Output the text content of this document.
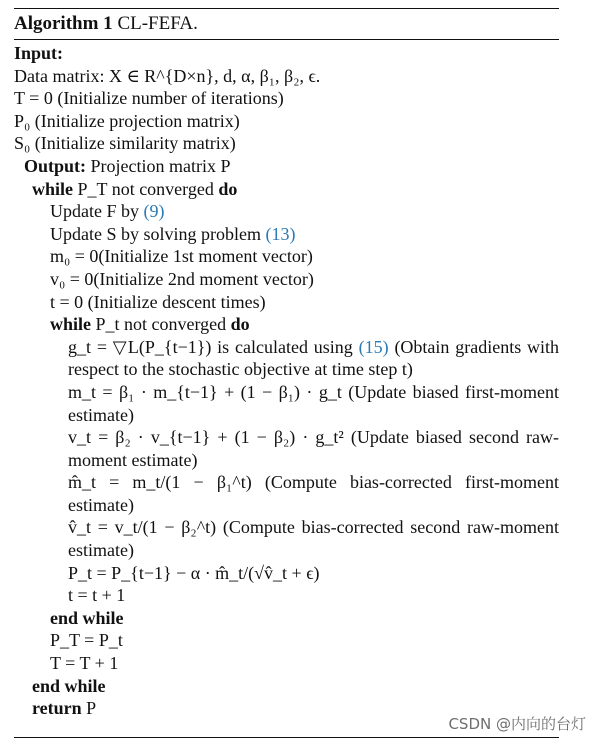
Algorithm 1 CL-FEFA.
Input:
Data matrix: X ∈ R^{D×n}, d, α, β₁, β₂, ϵ.
T = 0 (Initialize number of iterations)
P₀ (Initialize projection matrix)
S₀ (Initialize similarity matrix)
Output: Projection matrix P
while P_T not converged do
Update F by (9)
Update S by solving problem (13)
m₀ = 0(Initialize 1st moment vector)
v₀ = 0(Initialize 2nd moment vector)
t = 0 (Initialize descent times)
while P_t not converged do
g_t = ▽L(P_{t−1}) is calculated using (15) (Obtain gradients with respect to the stochastic objective at time step t)
m_t = β₁ · m_{t−1} + (1 − β₁) · g_t (Update biased first-moment estimate)
v_t = β₂ · v_{t−1} + (1 − β₂) · g_t² (Update biased second raw-moment estimate)
m̂_t = m_t/(1 − β₁^t) (Compute bias-corrected first-moment estimate)
v̂_t = v_t/(1 − β₂^t) (Compute bias-corrected second raw-moment estimate)
P_t = P_{t−1} − α · m̂_t/(√v̂_t + ϵ)
t = t + 1
end while
P_T = P_t
T = T + 1
end while
return P
CSDN @内向的台灯
